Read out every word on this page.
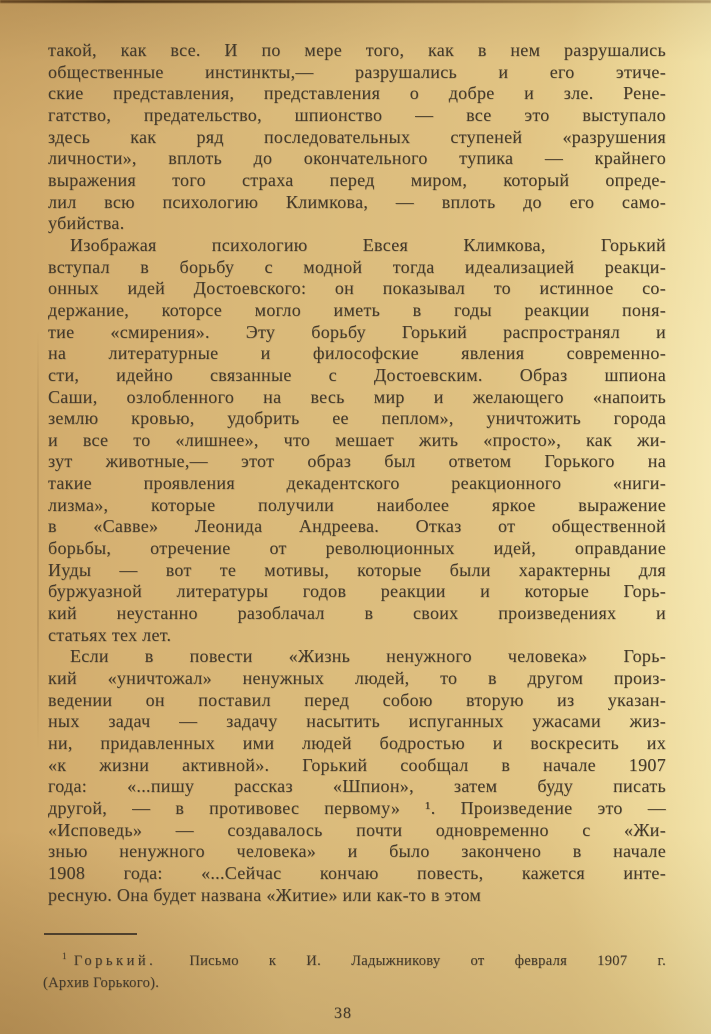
такой, как все. И по мере того, как в нем разрушались
общественные инстинкты,— разрушались и его этиче-
ские представления, представления о добре и зле. Рене-
гатство, предательство, шпионство — все это выступало
здесь как ряд последовательных ступеней «разрушения
личности», вплоть до окончательного тупика — крайнего
выражения того страха перед миром, который опреде-
лил всю психологию Климкова, — вплоть до его само-
убийства.
Изображая психологию Евсея Климкова, Горький
вступал в борьбу с модной тогда идеализацией реакци-
онных идей Достоевского: он показывал то истинное со-
держание, которсе могло иметь в годы реакции поня-
тие «смирения». Эту борьбу Горький распространял и
на литературные и философские явления современно-
сти, идейно связанные с Достоевским. Образ шпиона
Саши, озлобленного на весь мир и желающего «напоить
землю кровью, удобрить ее пеплом», уничтожить города
и все то «лишнее», что мешает жить «просто», как жи-
зут животные,— этот образ был ответом Горького на
такие проявления декадентского реакционного «ниги-
лизма», которые получили наиболее яркое выражение
в «Савве» Леонида Андреева. Отказ от общественной
борьбы, отречение от революционных идей, оправдание
Иуды — вот те мотивы, которые были характерны для
буржуазной литературы годов реакции и которые Горь-
кий неустанно разоблачал в своих произведениях и
статьях тех лет.
Если в повести «Жизнь ненужного человека» Горь-
кий «уничтожал» ненужных людей, то в другом произ-
ведении он поставил перед собою вторую из указан-
ных задач — задачу насытить испуганных ужасами жиз-
ни, придавленных ими людей бодростью и воскресить их
«к жизни активной». Горький сообщал в начале 1907
года: «...пишу рассказ «Шпион», затем буду писать
другой, — в противовес первому» ¹. Произведение это —
«Исповедь» — создавалось почти одновременно с «Жи-
знью ненужного человека» и было закончено в начале
1908 года: «...Сейчас кончаю повесть, кажется инте-
ресную. Она будет названа «Житие» или как-то в этом
$^1$ Горький. Письмо к И. Ладыжникову от февраля 1907 г.
(Архив Горького).
38
